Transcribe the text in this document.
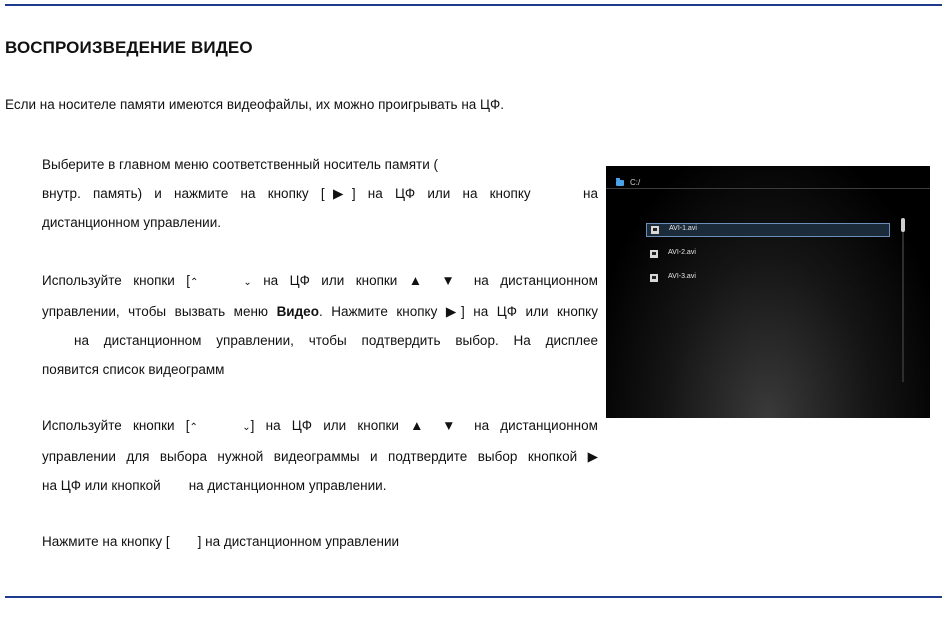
ВОСПРОИЗВЕДЕНИЕ ВИДЕО
Если на носителе памяти имеются видеофайлы, их можно проигрывать на ЦФ.
Выберите в главном меню соответственный носитель памяти (
внутр. память) и нажмите на кнопку [▶] на ЦФ или на кнопку	на
дистанционном управлении.
Используйте кнопки [⌃	⌄ на ЦФ или кнопки ▲ ▼ на дистанционном
управлении, чтобы вызвать меню Видео. Нажмите кнопку ▶] на ЦФ или кнопку
на дистанционном управлении, чтобы подтвердить выбор. На дисплее
появится список видеограмм
Используйте кнопки [⌃	⌄] на ЦФ или кнопки ▲ ▼ на дистанционном
управлении для выбора нужной видеограммы и подтвердите выбор кнопкой ▶
на ЦФ или кнопкой на дистанционном управлении.
Нажмите на кнопку [ ] на дистанционном управлении
C:/
AVI-1.avi
AVI-2.avi
AVI-3.avi
